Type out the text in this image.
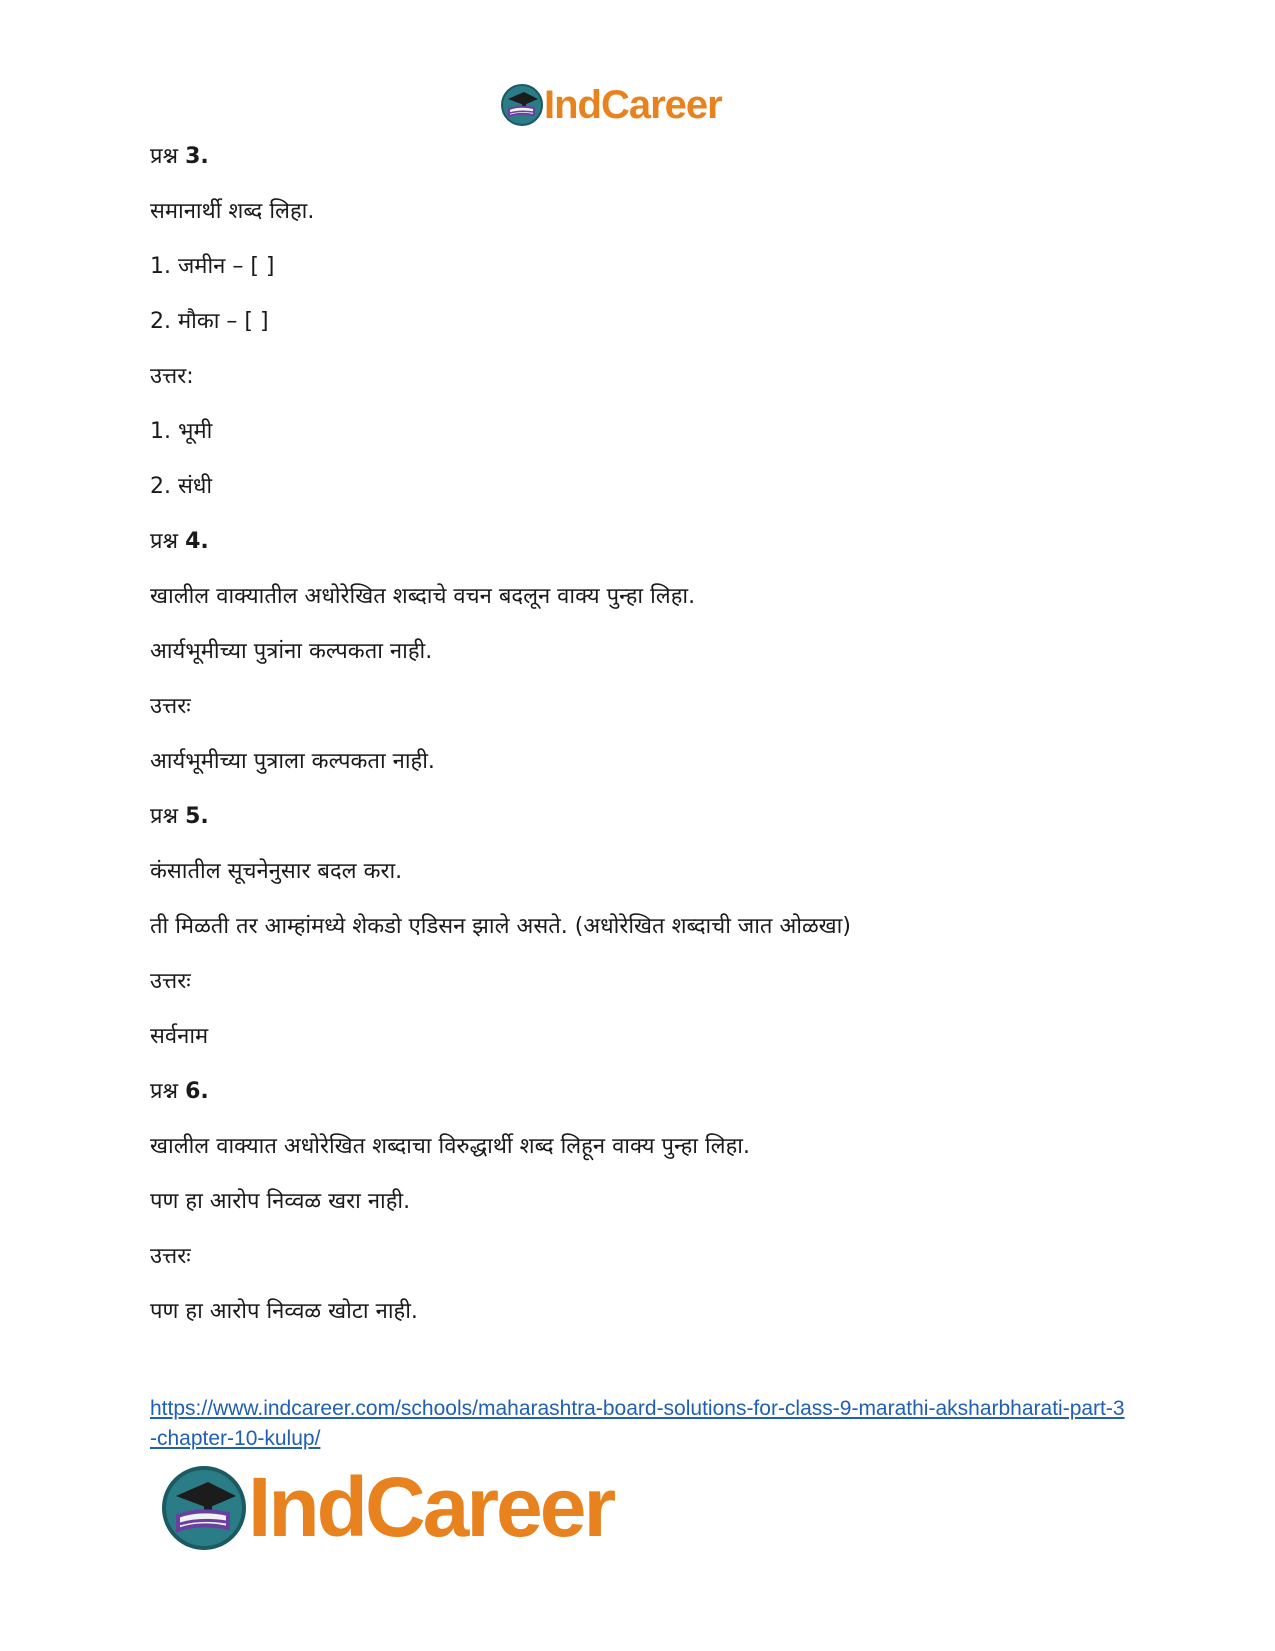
IndCareer
प्रश्न 3.
समानार्थी शब्द लिहा.
1. जमीन – [ ]
2. मौका – [ ]
उत्तर:
1. भूमी
2. संधी
प्रश्न 4.
खालील वाक्यातील अधोरेखित शब्दाचे वचन बदलून वाक्य पुन्हा लिहा.
आर्यभूमीच्या पुत्रांना कल्पकता नाही.
उत्तरः
आर्यभूमीच्या पुत्राला कल्पकता नाही.
प्रश्न 5.
कंसातील सूचनेनुसार बदल करा.
ती मिळती तर आम्हांमध्ये शेकडो एडिसन झाले असते. (अधोरेखित शब्दाची जात ओळखा)
उत्तरः
सर्वनाम
प्रश्न 6.
खालील वाक्यात अधोरेखित शब्दाचा विरुद्धार्थी शब्द लिहून वाक्य पुन्हा लिहा.
पण हा आरोप निव्वळ खरा नाही.
उत्तरः
पण हा आरोप निव्वळ खोटा नाही.
https://www.indcareer.com/schools/maharashtra-board-solutions-for-class-9-marathi-aksharbharati-part-3-chapter-10-kulup/
IndCareer
